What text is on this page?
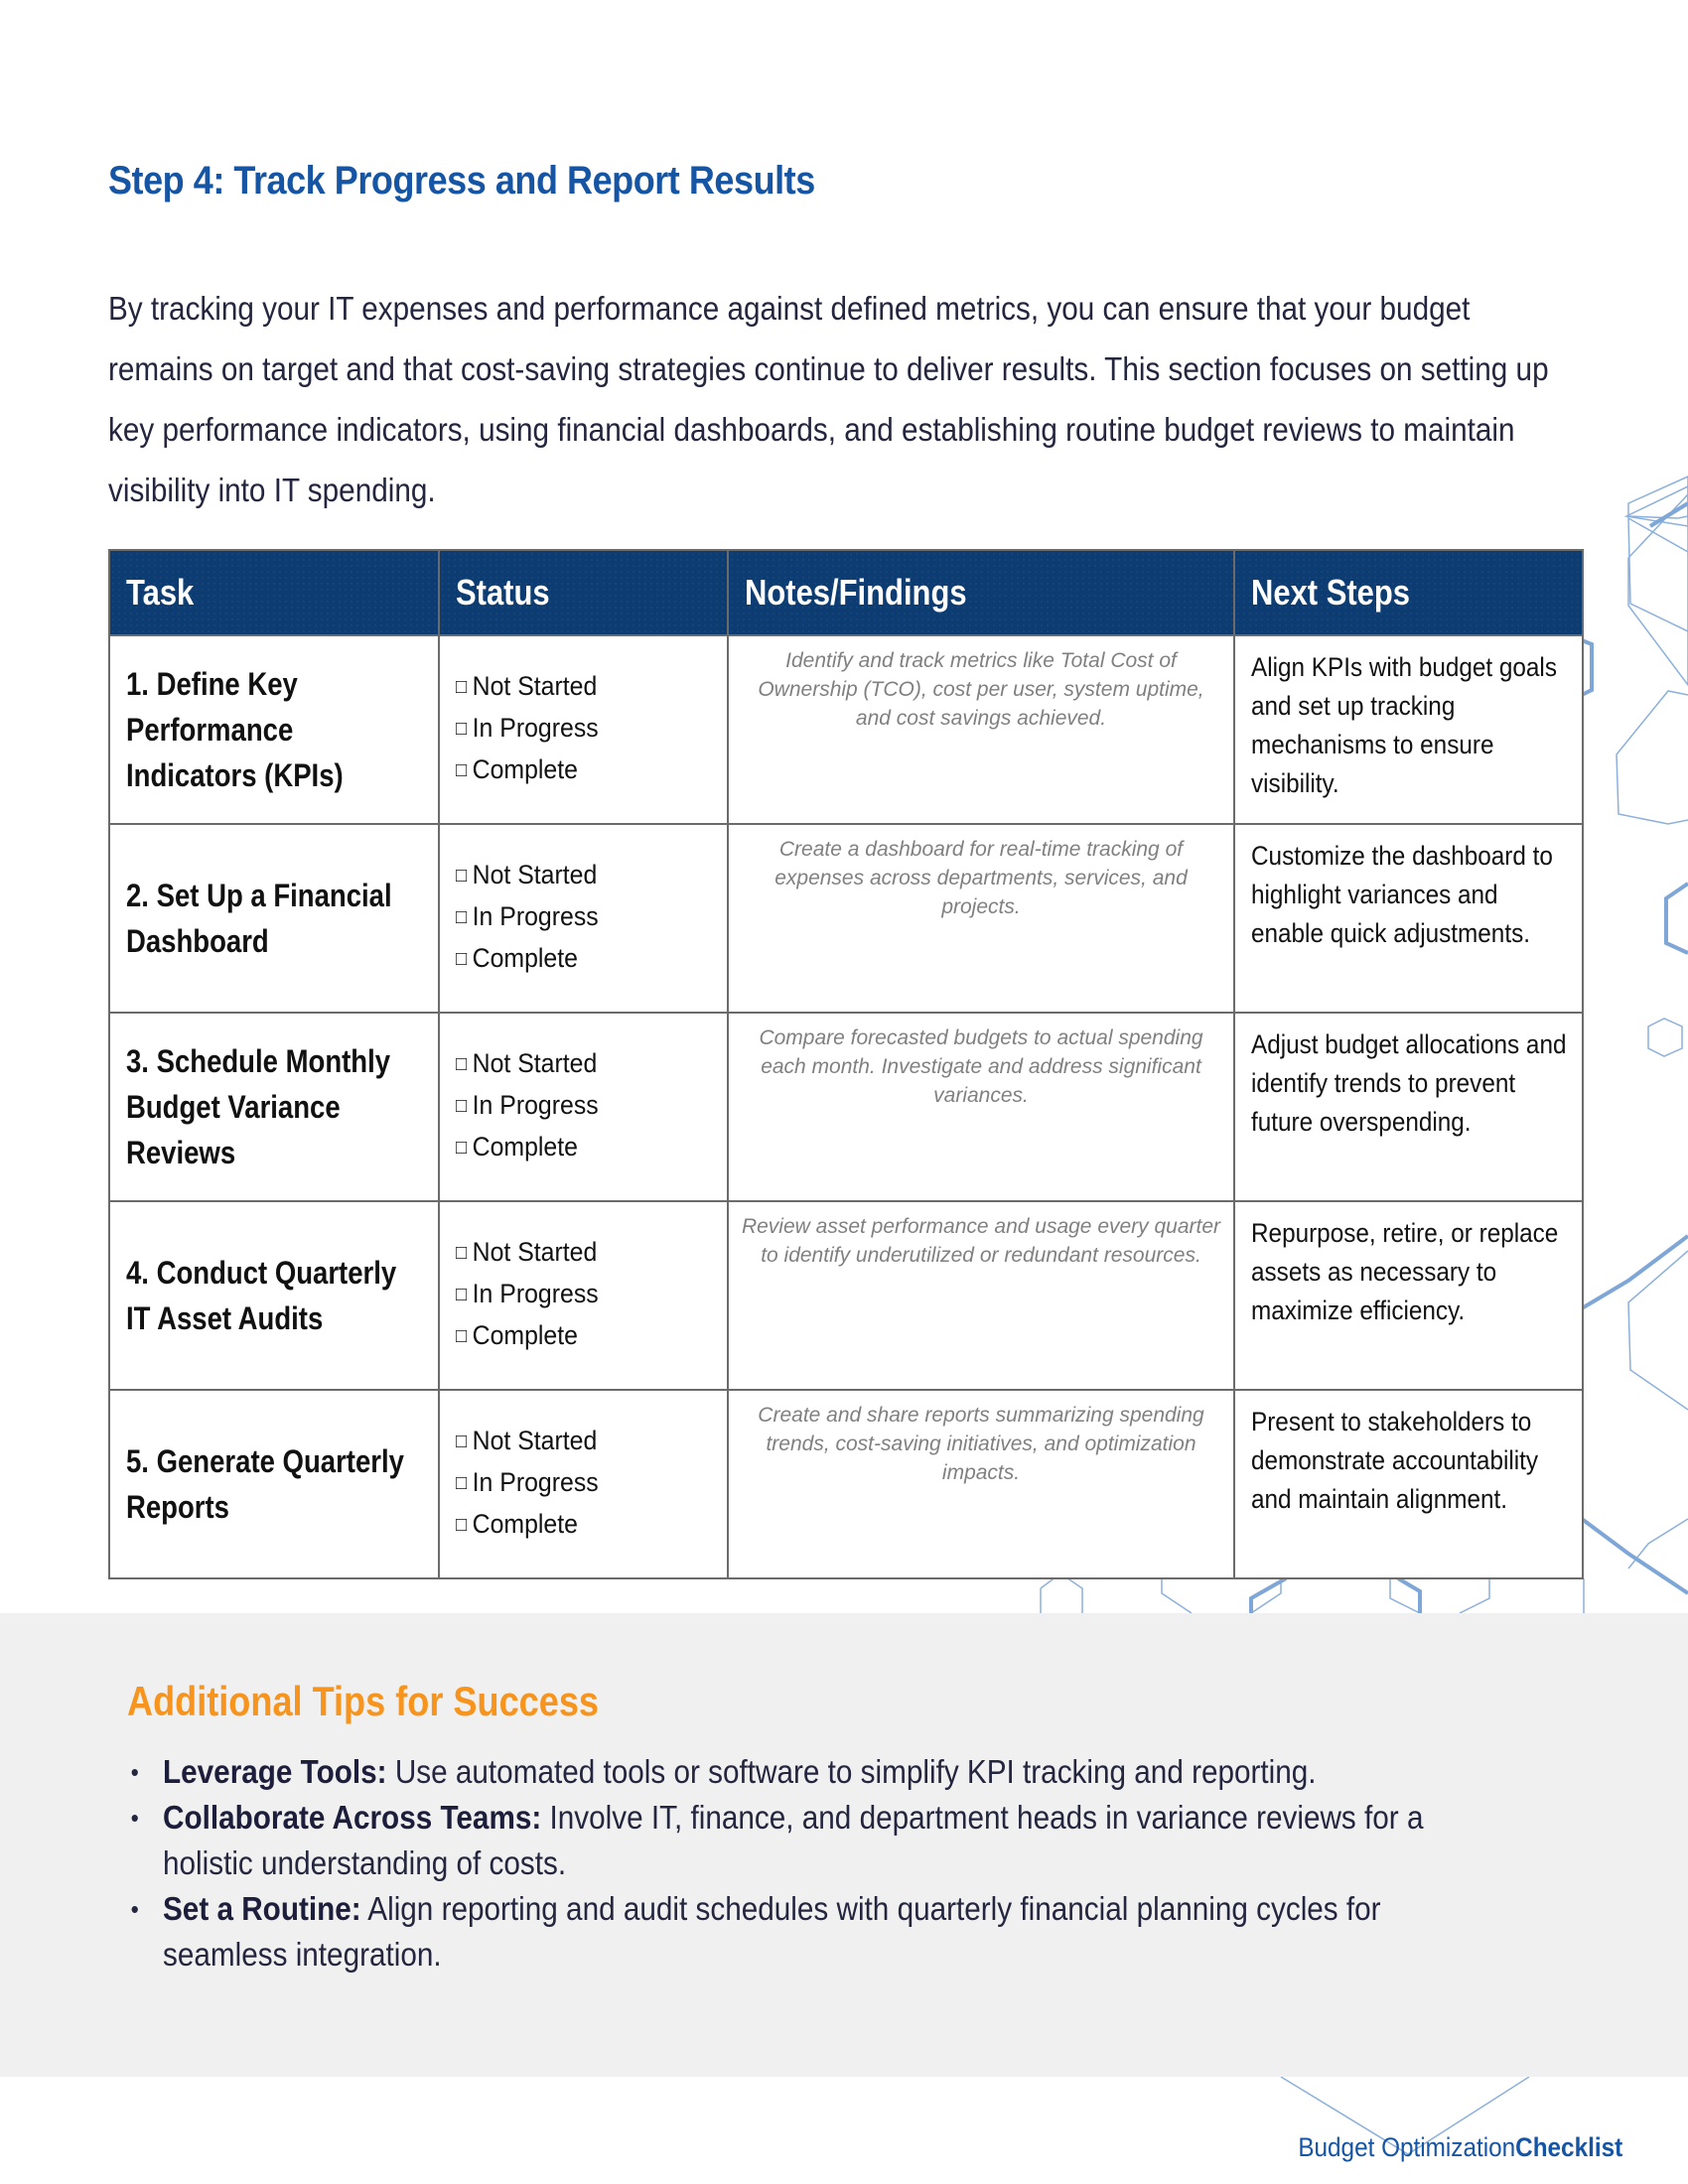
Step 4: Track Progress and Report Results

By tracking your IT expenses and performance against defined metrics, you can ensure that your budget remains on target and that cost-saving strategies continue to deliver results. This section focuses on setting up key performance indicators, using financial dashboards, and establishing routine budget reviews to maintain visibility into IT spending.

Task	Status	Notes/Findings	Next Steps

1. Define Key Performance Indicators (KPIs)	□ Not Started
□ In Progress
□ Complete	Identify and track metrics like Total Cost of Ownership (TCO), cost per user, system uptime, and cost savings achieved.	Align KPIs with budget goals and set up tracking mechanisms to ensure visibility.

2. Set Up a Financial Dashboard	□ Not Started
□ In Progress
□ Complete	Create a dashboard for real-time tracking of expenses across departments, services, and projects.	Customize the dashboard to highlight variances and enable quick adjustments.

3. Schedule Monthly Budget Variance Reviews	□ Not Started
□ In Progress
□ Complete	Compare forecasted budgets to actual spending each month. Investigate and address significant variances.	Adjust budget allocations and identify trends to prevent future overspending.

4. Conduct Quarterly IT Asset Audits	□ Not Started
□ In Progress
□ Complete	Review asset performance and usage every quarter to identify underutilized or redundant resources.	Repurpose, retire, or replace assets as necessary to maximize efficiency.

5. Generate Quarterly Reports	□ Not Started
□ In Progress
□ Complete	Create and share reports summarizing spending trends, cost-saving initiatives, and optimization impacts.	Present to stakeholders to demonstrate accountability and maintain alignment.
Additional Tips for Success
• Leverage Tools: Use automated tools or software to simplify KPI tracking and reporting.
• Collaborate Across Teams: Involve IT, finance, and department heads in variance reviews for a holistic understanding of costs.
• Set a Routine: Align reporting and audit schedules with quarterly financial planning cycles for seamless integration.
Budget OptimizationChecklist
